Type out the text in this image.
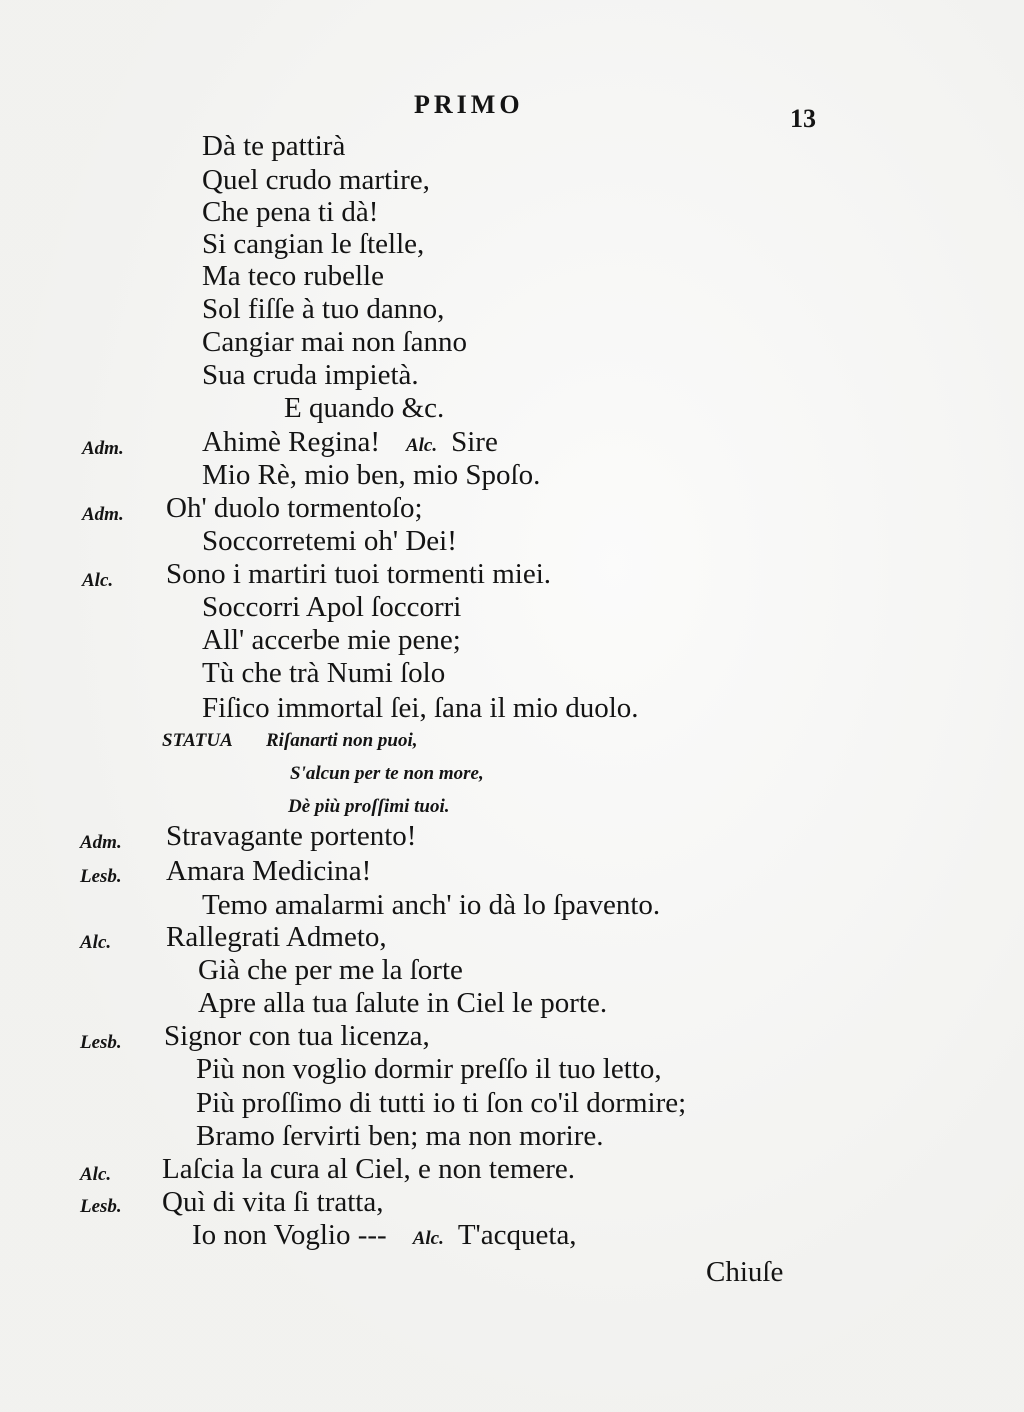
PRIMO	13
Dà te pattirà
Quel crudo martire,
Che pena ti dà!
Si cangian le ſtelle,
Ma teco rubelle
Sol fiſſe à tuo danno,
Cangiar mai non ſanno
Sua cruda impietà.
E quando &c.
Adm.	Ahimè Regina! Alc. Sire
Mio Rè, mio ben, mio Spoſo.
Adm. Oh' duolo tormentoſo;
Soccorretemi oh' Dei!
Alc. Sono i martiri tuoi tormenti miei.
Soccorri Apol ſoccorri
All' accerbe mie pene;
Tù che trà Numi ſolo
Fiſico immortal ſei, ſana il mio duolo.
STATUA Riſanarti non puoi,
S'alcun per te non more,
Dè più proſſimi tuoi.
Adm. Stravagante portento!
Lesb. Amara Medicina!
Temo amalarmi anch' io dà lo ſpavento.
Alc. Rallegrati Admeto,
Già che per me la ſorte
Apre alla tua ſalute in Ciel le porte.
Lesb. Signor con tua licenza,
Più non voglio dormir preſſo il tuo letto,
Più proſſimo di tutti io ti ſon co'il dormire;
Bramo ſervirti ben; ma non morire.
Alc. Laſcia la cura al Ciel, e non temere.
Lesb. Quì di vita ſi tratta,
Io non Voglio --- Alc. T'acqueta,
Chiuſe
